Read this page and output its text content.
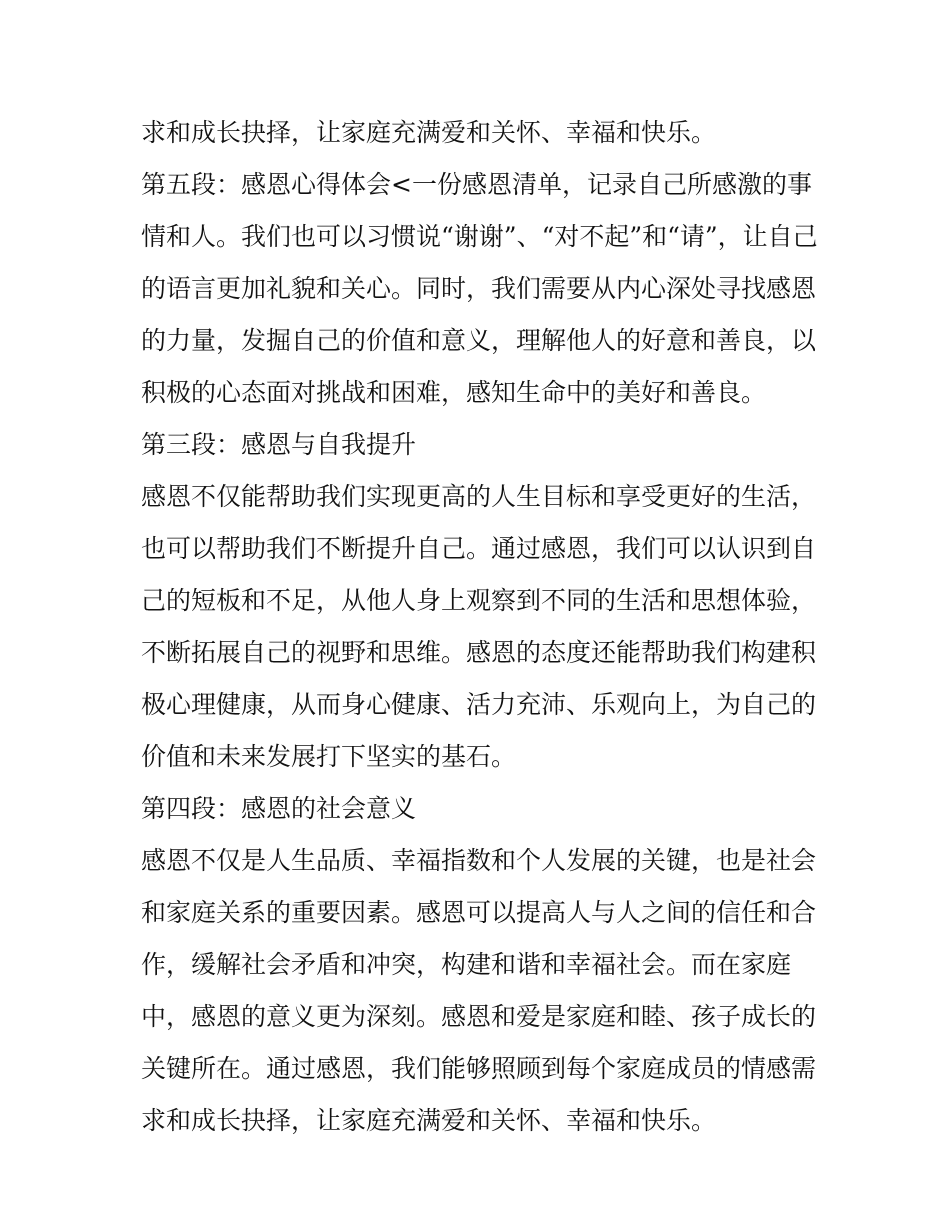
求和成长抉择，让家庭充满爱和关怀、幸福和快乐。
第五段：感恩心得体会<一份感恩清单，记录自己所感激的事
情和人。我们也可以习惯说“谢谢”、“对不起”和“请”，让自己
的语言更加礼貌和关心。同时，我们需要从内心深处寻找感恩
的力量，发掘自己的价值和意义，理解他人的好意和善良，以
积极的心态面对挑战和困难，感知生命中的美好和善良。
第三段：感恩与自我提升
感恩不仅能帮助我们实现更高的人生目标和享受更好的生活，
也可以帮助我们不断提升自己。通过感恩，我们可以认识到自
己的短板和不足，从他人身上观察到不同的生活和思想体验，
不断拓展自己的视野和思维。感恩的态度还能帮助我们构建积
极心理健康，从而身心健康、活力充沛、乐观向上，为自己的
价值和未来发展打下坚实的基石。
第四段：感恩的社会意义
感恩不仅是人生品质、幸福指数和个人发展的关键，也是社会
和家庭关系的重要因素。感恩可以提高人与人之间的信任和合
作，缓解社会矛盾和冲突，构建和谐和幸福社会。而在家庭
中，感恩的意义更为深刻。感恩和爱是家庭和睦、孩子成长的
关键所在。通过感恩，我们能够照顾到每个家庭成员的情感需
求和成长抉择，让家庭充满爱和关怀、幸福和快乐。
